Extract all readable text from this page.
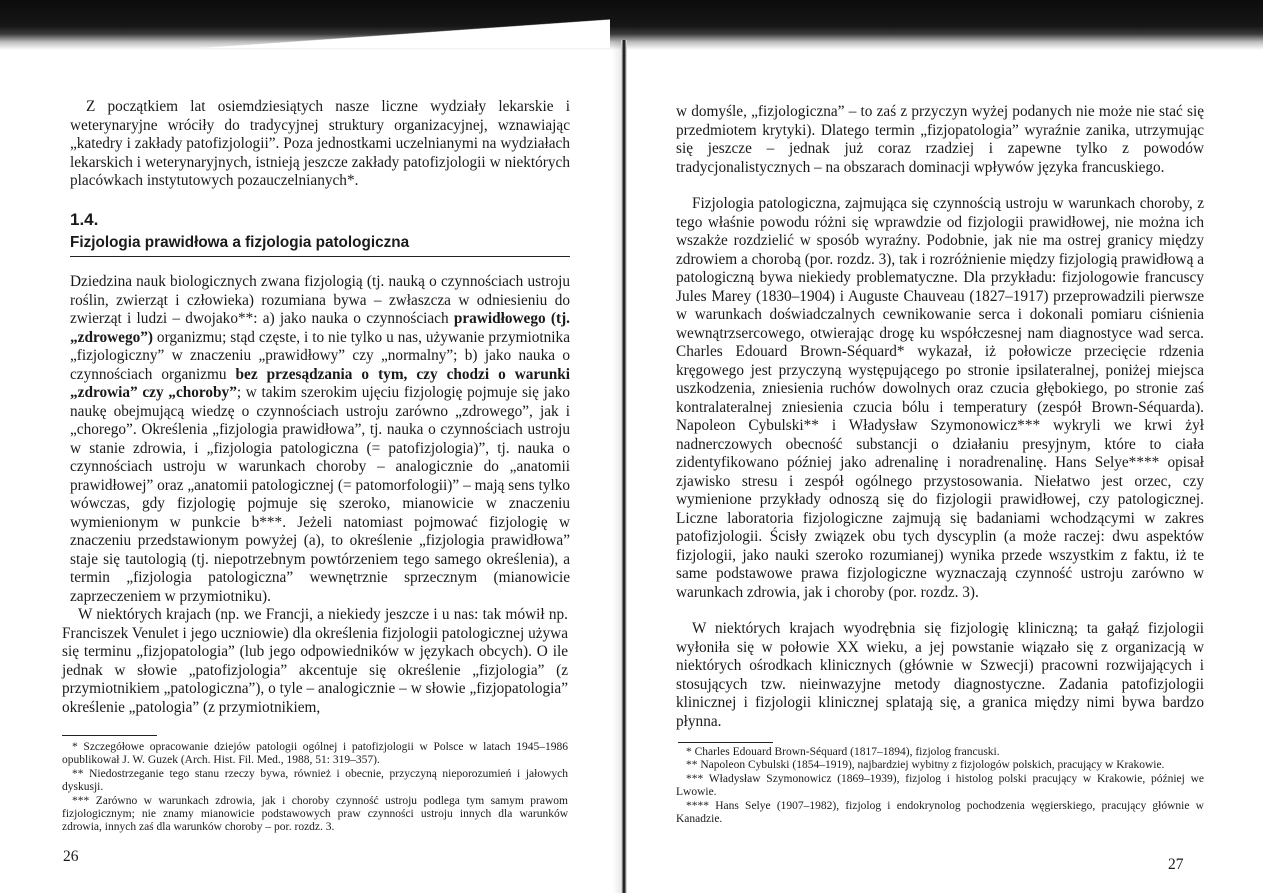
Z początkiem lat osiemdziesiątych nasze liczne wydziały lekarskie i weterynaryjne wróciły do tradycyjnej struktury organizacyjnej, wznawiając „katedry i zakłady patofizjologii”. Poza jednostkami uczelnianymi na wydziałach lekarskich i weterynaryjnych, istnieją jeszcze zakłady patofizjologii w niektórych placówkach instytutowych pozauczelnianych*.

1.4.
Fizjologia prawidłowa a fizjologia patologiczna

Dziedzina nauk biologicznych zwana fizjologią (tj. nauką o czynnościach ustroju roślin, zwierząt i człowieka) rozumiana bywa – zwłaszcza w odniesieniu do zwierząt i ludzi – dwojako**: a) jako nauka o czynnościach prawidłowego (tj. „zdrowego”) organizmu; stąd częste, i to nie tylko u nas, używanie przymiotnika „fizjologiczny” w znaczeniu „prawidłowy” czy „normalny”; b) jako nauka o czynnościach organizmu bez przesądzania o tym, czy chodzi o warunki „zdrowia” czy „choroby”; w takim szerokim ujęciu fizjologię pojmuje się jako naukę obejmującą wiedzę o czynnościach ustroju zarówno „zdrowego”, jak i „chorego”. Określenia „fizjologia prawidłowa”, tj. nauka o czynnościach ustroju w stanie zdrowia, i „fizjologia patologiczna (= patofizjologia)”, tj. nauka o czynnościach ustroju w warunkach choroby – analogicznie do „anatomii prawidłowej” oraz „anatomii patologicznej (= patomorfologii)” – mają sens tylko wówczas, gdy fizjologię pojmuje się szeroko, mianowicie w znaczeniu wymienionym w punkcie b***. Jeżeli natomiast pojmować fizjologię w znaczeniu przedstawionym powyżej (a), to określenie „fizjologia prawidłowa” staje się tautologią (tj. niepotrzebnym powtórzeniem tego samego określenia), a termin „fizjologia patologiczna” wewnętrznie sprzecznym (mianowicie zaprzeczeniem w przymiotniku).

W niektórych krajach (np. we Francji, a niekiedy jeszcze i u nas: tak mówił np. Franciszek Venulet i jego uczniowie) dla określenia fizjologii patologicznej używa się terminu „fizjopatologia” (lub jego odpowiedników w językach obcych). O ile jednak w słowie „patofizjologia” akcentuje się określenie „fizjologia” (z przymiotnikiem „patologiczna”), o tyle – analogicznie – w słowie „fizjopatologia” określenie „patologia” (z przymiotnikiem,

* Szczegółowe opracowanie dziejów patologii ogólnej i patofizjologii w Polsce w latach 1945–1986 opublikował J. W. Guzek (Arch. Hist. Fil. Med., 1988, 51: 319–357).

** Niedostrzeganie tego stanu rzeczy bywa, również i obecnie, przyczyną nieporozumień i jałowych dyskusji.

*** Zarówno w warunkach zdrowia, jak i choroby czynność ustroju podlega tym samym prawom fizjologicznym; nie znamy mianowicie podstawowych praw czynności ustroju innych dla warunków zdrowia, innych zaś dla warunków choroby – por. rozdz. 3.

26

w domyśle, „fizjologiczna” – to zaś z przyczyn wyżej podanych nie może nie stać się przedmiotem krytyki). Dlatego termin „fizjopatologia” wyraźnie zanika, utrzymując się jeszcze – jednak już coraz rzadziej i zapewne tylko z powodów tradycjonalistycznych – na obszarach dominacji wpływów języka francuskiego.

Fizjologia patologiczna, zajmująca się czynnością ustroju w warunkach choroby, z tego właśnie powodu różni się wprawdzie od fizjologii prawidłowej, nie można ich wszakże rozdzielić w sposób wyraźny. Podobnie, jak nie ma ostrej granicy między zdrowiem a chorobą (por. rozdz. 3), tak i rozróżnienie między fizjologią prawidłową a patologiczną bywa niekiedy problematyczne. Dla przykładu: fizjologowie francuscy Jules Marey (1830–1904) i Auguste Chauveau (1827–1917) przeprowadzili pierwsze w warunkach doświadczalnych cewnikowanie serca i dokonali pomiaru ciśnienia wewnątrzsercowego, otwierając drogę ku współczesnej nam diagnostyce wad serca. Charles Edouard Brown-Séquard* wykazał, iż połowicze przecięcie rdzenia kręgowego jest przyczyną występującego po stronie ipsilateralnej, poniżej miejsca uszkodzenia, zniesienia ruchów dowolnych oraz czucia głębokiego, po stronie zaś kontralateralnej zniesienia czucia bólu i temperatury (zespół Brown-Séquarda). Napoleon Cybulski** i Władysław Szymonowicz*** wykryli we krwi żył nadnerczowych obecność substancji o działaniu presyjnym, które to ciała zidentyfikowano później jako adrenalinę i noradrenalinę. Hans Selye**** opisał zjawisko stresu i zespół ogólnego przystosowania. Niełatwo jest orzec, czy wymienione przykłady odnoszą się do fizjologii prawidłowej, czy patologicznej. Liczne laboratoria fizjologiczne zajmują się badaniami wchodzącymi w zakres patofizjologii. Ścisły związek obu tych dyscyplin (a może raczej: dwu aspektów fizjologii, jako nauki szeroko rozumianej) wynika przede wszystkim z faktu, iż te same podstawowe prawa fizjologiczne wyznaczają czynność ustroju zarówno w warunkach zdrowia, jak i choroby (por. rozdz. 3).

W niektórych krajach wyodrębnia się fizjologię kliniczną; ta gałąź fizjologii wyłoniła się w połowie XX wieku, a jej powstanie wiązało się z organizacją w niektórych ośrodkach klinicznych (głównie w Szwecji) pracowni rozwijających i stosujących tzw. nieinwazyjne metody diagnostyczne. Zadania patofizjologii klinicznej i fizjologii klinicznej splatają się, a granica między nimi bywa bardzo płynna.

* Charles Edouard Brown-Séquard (1817–1894), fizjolog francuski.

** Napoleon Cybulski (1854–1919), najbardziej wybitny z fizjologów polskich, pracujący w Krakowie.

*** Władysław Szymonowicz (1869–1939), fizjolog i histolog polski pracujący w Krakowie, później we Lwowie.

**** Hans Selye (1907–1982), fizjolog i endokrynolog pochodzenia węgierskiego, pracujący głównie w Kanadzie.

27
